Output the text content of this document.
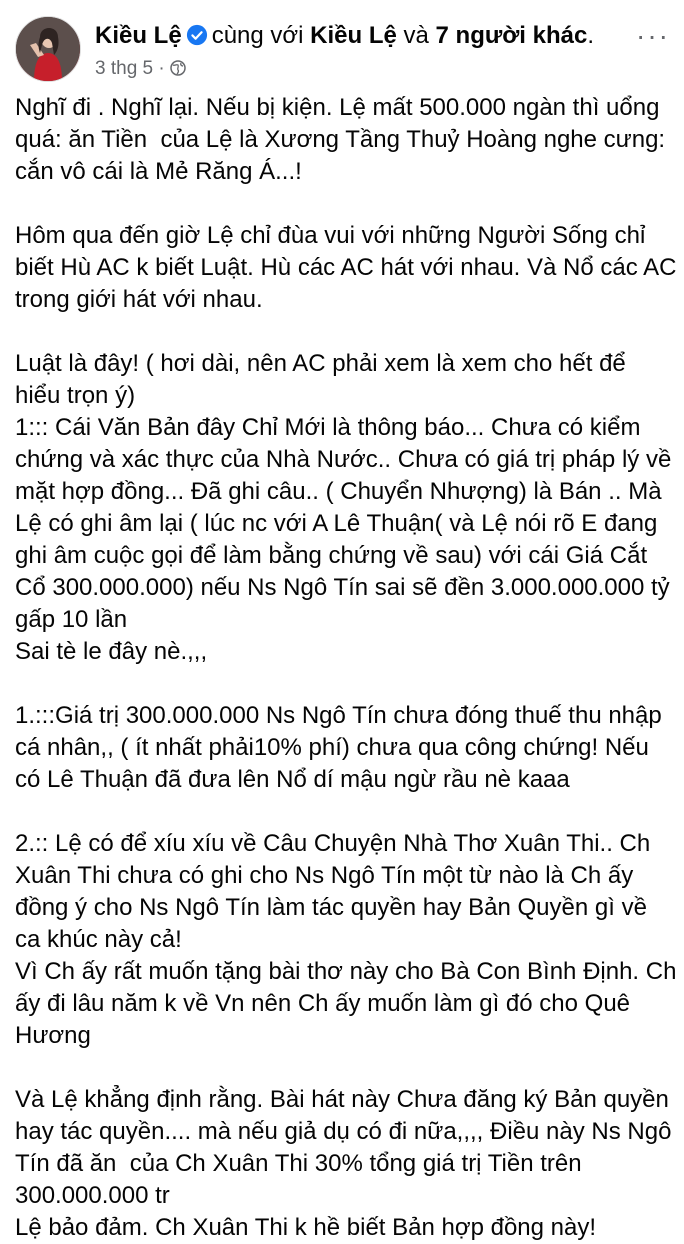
Kiều Lệ cùng với Kiều Lệ và 7 người khác.
3 thg 5 ·
···

Nghĩ đi . Nghĩ lại. Nếu bị kiện. Lệ mất 500.000 ngàn thì uổng quá: ăn Tiền  của Lệ là Xương Tầng Thuỷ Hoàng nghe cưng: cắn vô cái là Mẻ Răng Á...!

Hôm qua đến giờ Lệ chỉ đùa vui với những Người Sống chỉ biết Hù AC k biết Luật. Hù các AC hát với nhau. Và Nổ các AC trong giới hát với nhau.

Luật là đây! ( hơi dài, nên AC phải xem là xem cho hết để hiểu trọn ý)
1::: Cái Văn Bản đây Chỉ Mới là thông báo... Chưa có kiểm chứng và xác thực của Nhà Nước.. Chưa có giá trị pháp lý về mặt hợp đồng... Đã ghi câu.. ( Chuyển Nhượng) là Bán .. Mà Lệ có ghi âm lại ( lúc nc với A Lê Thuận( và Lệ nói rõ E đang ghi âm cuộc gọi để làm bằng chứng về sau) với cái Giá Cắt Cổ 300.000.000) nếu Ns Ngô Tín sai sẽ đền 3.000.000.000 tỷ gấp 10 lần
Sai tè le đây nè.,,,

1.:::Giá trị 300.000.000 Ns Ngô Tín chưa đóng thuế thu nhập cá nhân,, ( ít nhất phải10% phí) chưa qua công chứng! Nếu có Lê Thuận đã đưa lên Nổ dí mậu ngừ rầu nè kaaa

2.:: Lệ có để xíu xíu về Câu Chuyện Nhà Thơ Xuân Thi.. Ch Xuân Thi chưa có ghi cho Ns Ngô Tín một từ nào là Ch ấy đồng ý cho Ns Ngô Tín làm tác quyền hay Bản Quyền gì về ca khúc này cả!
Vì Ch ấy rất muốn tặng bài thơ này cho Bà Con Bình Định. Ch ấy đi lâu năm k về Vn nên Ch ấy muốn làm gì đó cho Quê Hương

Và Lệ khẳng định rằng. Bài hát này Chưa đăng ký Bản quyền hay tác quyền.... mà nếu giả dụ có đi nữa,,,, Điều này Ns Ngô Tín đã ăn  của Ch Xuân Thi 30% tổng giá trị Tiền trên 300.000.000 tr
Lệ bảo đảm. Ch Xuân Thi k hề biết Bản hợp đồng này!
